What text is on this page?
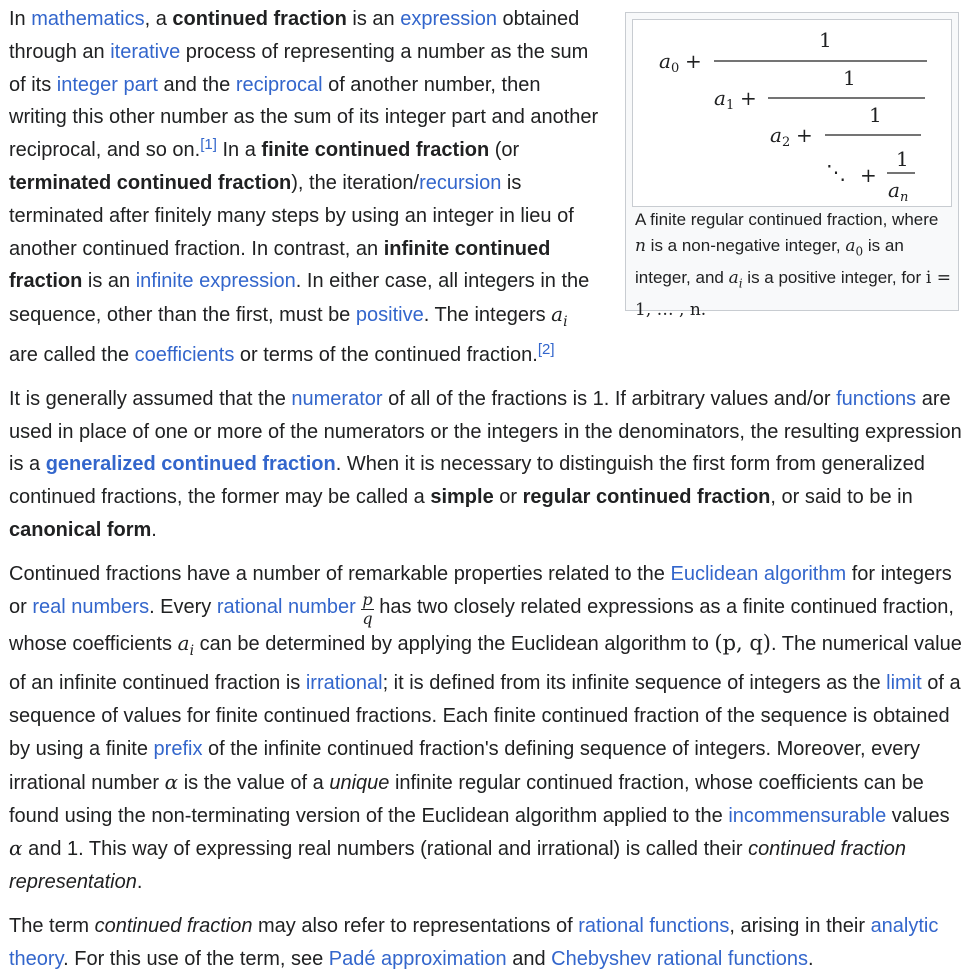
In mathematics, a continued fraction is an expression obtained through an iterative process of representing a number as the sum of its integer part and the reciprocal of another number, then writing this other number as the sum of its integer part and another reciprocal, and so on.[1] In a finite continued fraction (or terminated continued fraction), the iteration/recursion is terminated after finitely many steps by using an integer in lieu of another continued fraction. In contrast, an infinite continued fraction is an infinite expression. In either case, all integers in the sequence, other than the first, must be positive. The integers $a_i$ are called the coefficients or terms of the continued fraction.[2]

It is generally assumed that the numerator of all of the fractions is 1. If arbitrary values and/or functions are used in place of one or more of the numerators or the integers in the denominators, the resulting expression is a generalized continued fraction. When it is necessary to distinguish the first form from generalized continued fractions, the former may be called a simple or regular continued fraction, or said to be in canonical form.

Continued fractions have a number of remarkable properties related to the Euclidean algorithm for integers or real numbers. Every rational number $\frac{p}{q}$ has two closely related expressions as a finite continued fraction, whose coefficients $a_i$ can be determined by applying the Euclidean algorithm to (p, q). The numerical value of an infinite continued fraction is irrational; it is defined from its infinite sequence of integers as the limit of a sequence of values for finite continued fractions. Each finite continued fraction of the sequence is obtained by using a finite prefix of the infinite continued fraction's defining sequence of integers. Moreover, every irrational number α is the value of a unique infinite regular continued fraction, whose coefficients can be found using the non-terminating version of the Euclidean algorithm applied to the incommensurable values α and 1. This way of expressing real numbers (rational and irrational) is called their continued fraction representation.

The term continued fraction may also refer to representations of rational functions, arising in their analytic theory. For this use of the term, see Padé approximation and Chebyshev rational functions.

$a_0$ +
1
$a_1$ +
1
$a_2$ +
1
⋱ +
1
$a_n$
A finite regular continued fraction, where n is a non-negative integer, $a_0$ is an integer, and $a_i$ is a positive integer, for i = 1, … , n.
